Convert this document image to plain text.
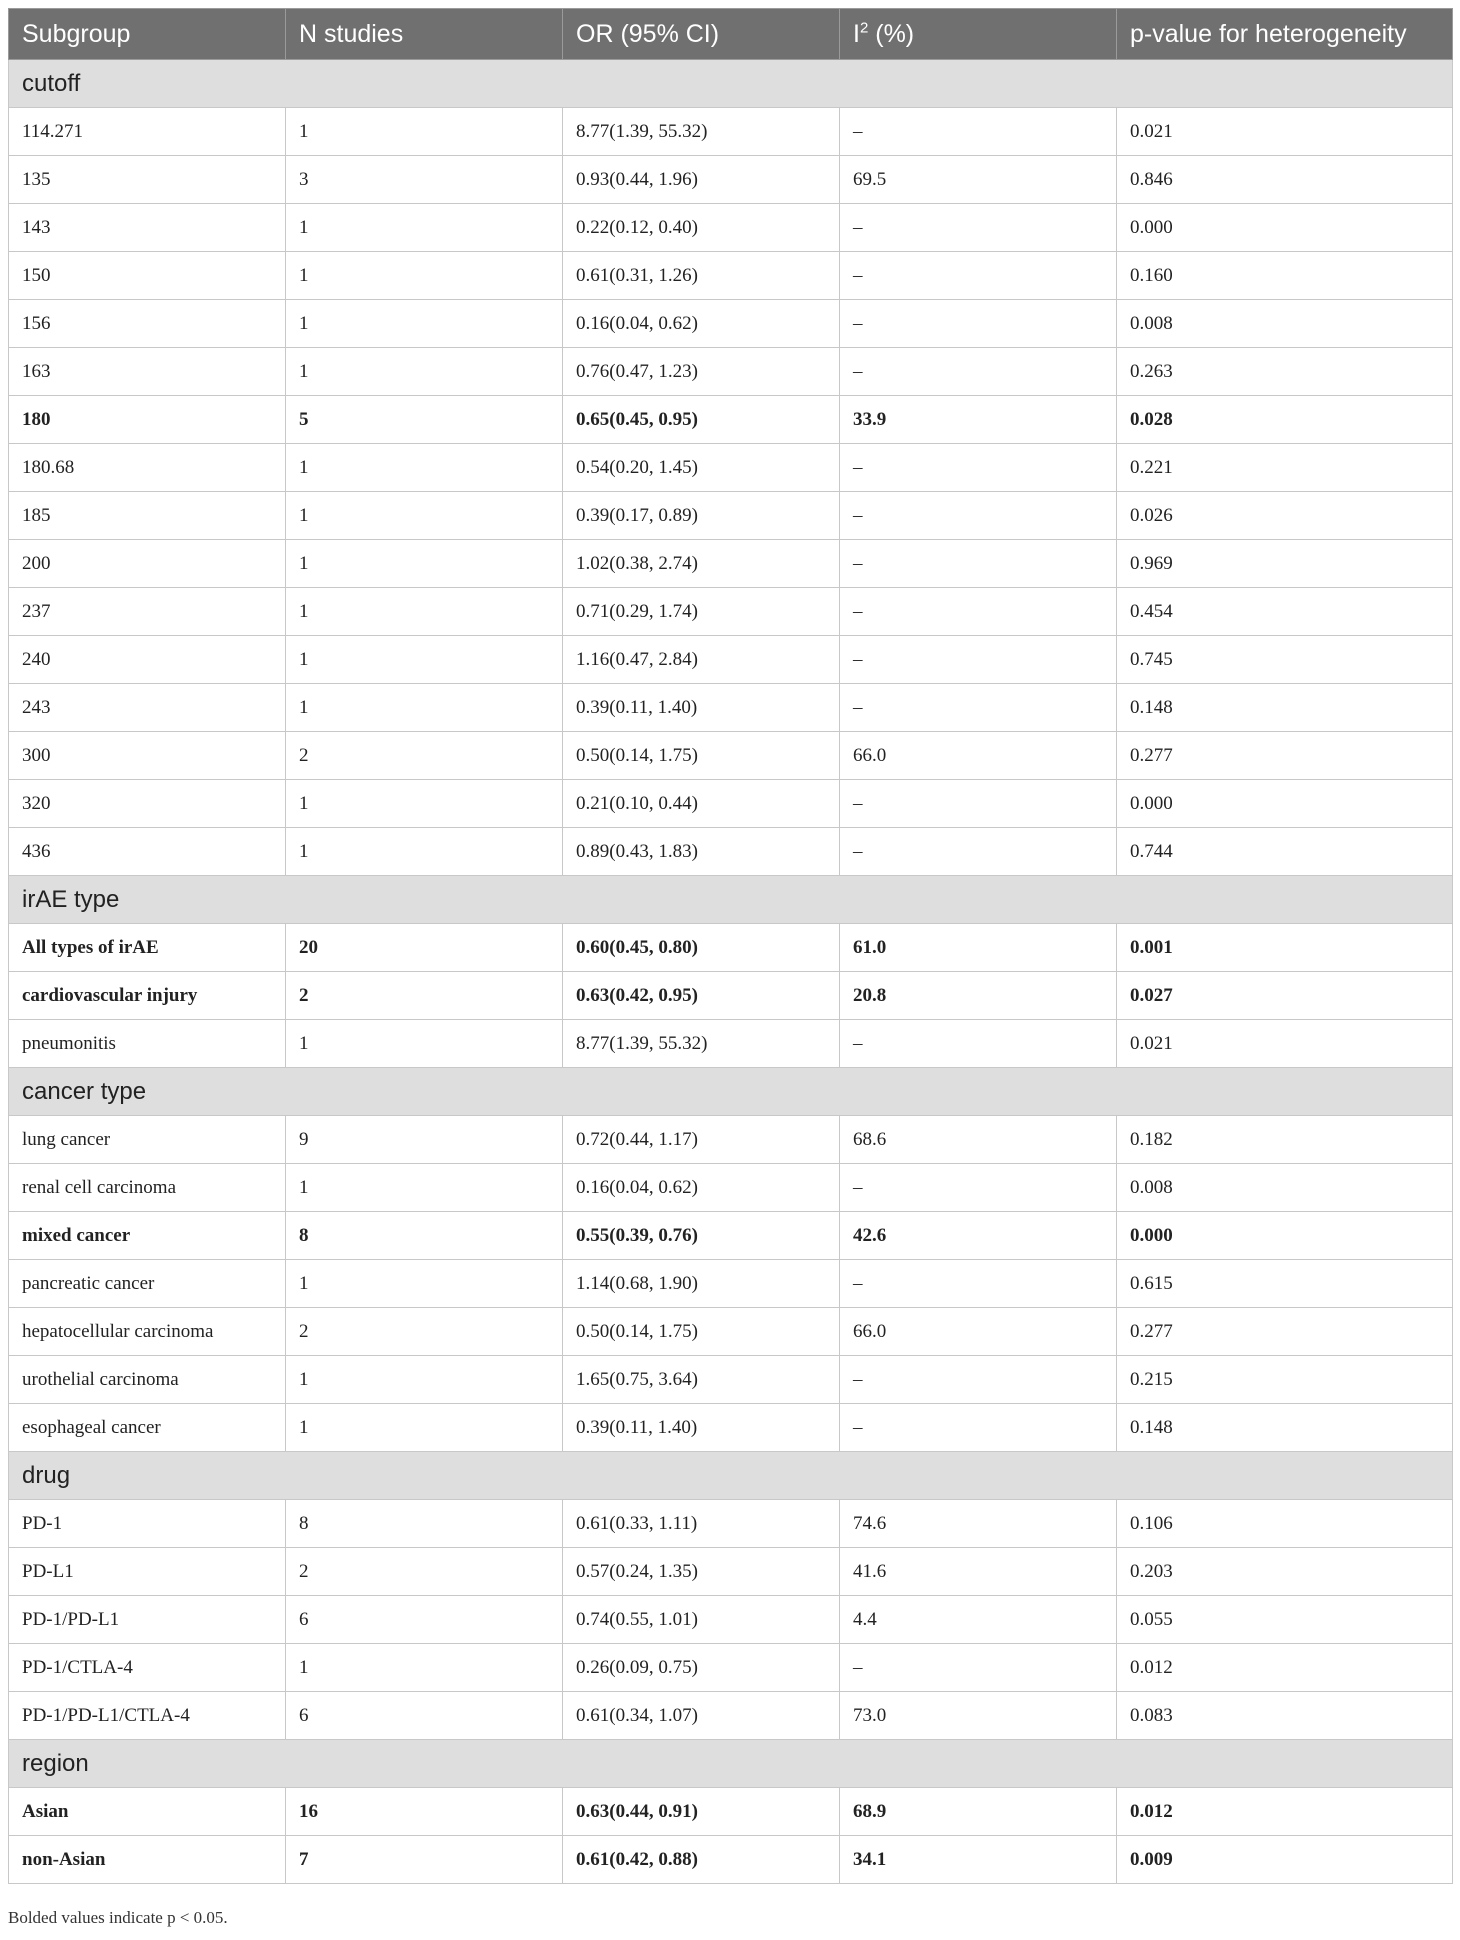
Subgroup	N studies	OR (95% CI)	$I^2$ (%)	p-value for heterogeneity
cutoff				
114.271	1	8.77(1.39, 55.32)	–	0.021
135	3	0.93(0.44, 1.96)	69.5	0.846
143	1	0.22(0.12, 0.40)	–	0.000
150	1	0.61(0.31, 1.26)	–	0.160
156	1	0.16(0.04, 0.62)	–	0.008
163	1	0.76(0.47, 1.23)	–	0.263
180	5	0.65(0.45, 0.95)	33.9	0.028
180.68	1	0.54(0.20, 1.45)	–	0.221
185	1	0.39(0.17, 0.89)	–	0.026
200	1	1.02(0.38, 2.74)	–	0.969
237	1	0.71(0.29, 1.74)	–	0.454
240	1	1.16(0.47, 2.84)	–	0.745
243	1	0.39(0.11, 1.40)	–	0.148
300	2	0.50(0.14, 1.75)	66.0	0.277
320	1	0.21(0.10, 0.44)	–	0.000
436	1	0.89(0.43, 1.83)	–	0.744
irAE type				
All types of irAE	20	0.60(0.45, 0.80)	61.0	0.001
cardiovascular injury	2	0.63(0.42, 0.95)	20.8	0.027
pneumonitis	1	8.77(1.39, 55.32)	–	0.021
cancer type				
lung cancer	9	0.72(0.44, 1.17)	68.6	0.182
renal cell carcinoma	1	0.16(0.04, 0.62)	–	0.008
mixed cancer	8	0.55(0.39, 0.76)	42.6	0.000
pancreatic cancer	1	1.14(0.68, 1.90)	–	0.615
hepatocellular carcinoma	2	0.50(0.14, 1.75)	66.0	0.277
urothelial carcinoma	1	1.65(0.75, 3.64)	–	0.215
esophageal cancer	1	0.39(0.11, 1.40)	–	0.148
drug				
PD-1	8	0.61(0.33, 1.11)	74.6	0.106
PD-L1	2	0.57(0.24, 1.35)	41.6	0.203
PD-1/PD-L1	6	0.74(0.55, 1.01)	4.4	0.055
PD-1/CTLA-4	1	0.26(0.09, 0.75)	–	0.012
PD-1/PD-L1/CTLA-4	6	0.61(0.34, 1.07)	73.0	0.083
region				
Asian	16	0.63(0.44, 0.91)	68.9	0.012
non-Asian	7	0.61(0.42, 0.88)	34.1	0.009
Bolded values indicate p < 0.05.
